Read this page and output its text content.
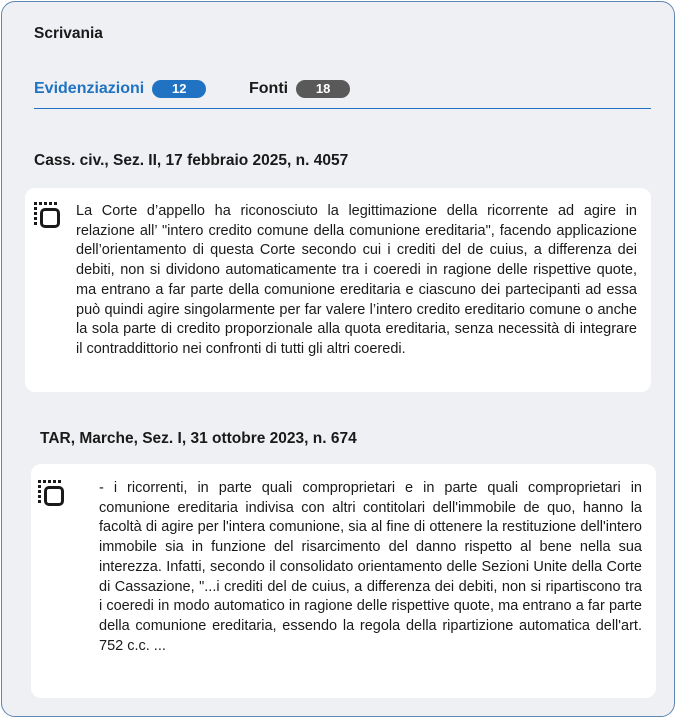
Scrivania
Evidenziazioni	12	Fonti	18
Cass. civ., Sez. II, 17 febbraio 2025, n. 4057

La Corte d’appello ha riconosciuto la legittimazione della ricorrente ad agire in relazione all’ "intero credito comune della comunione ereditaria", facendo applicazione dell’orientamento di questa Corte secondo cui i crediti del de cuius, a differenza dei debiti, non si dividono automaticamente tra i coeredi in ragione delle rispettive quote, ma entrano a far parte della comunione ereditaria e ciascuno dei partecipanti ad essa può quindi agire singolarmente per far valere l’intero credito ereditario comune o anche la sola parte di credito proporzionale alla quota ereditaria, senza necessità di integrare il contraddittorio nei confronti di tutti gli altri coeredi.

TAR, Marche, Sez. I, 31 ottobre 2023, n. 674

- i ricorrenti, in parte quali comproprietari e in parte quali comproprietari in comunione ereditaria indivisa con altri contitolari dell'immobile de quo, hanno la facoltà di agire per l'intera comunione, sia al fine di ottenere la restituzione dell'intero immobile sia in funzione del risarcimento del danno rispetto al bene nella sua interezza. Infatti, secondo il consolidato orientamento delle Sezioni Unite della Corte di Cassazione, "...i crediti del de cuius, a differenza dei debiti, non si ripartiscono tra i coeredi in modo automatico in ragione delle rispettive quote, ma entrano a far parte della comunione ereditaria, essendo la regola della ripartizione automatica dell'art. 752 c.c. ...
